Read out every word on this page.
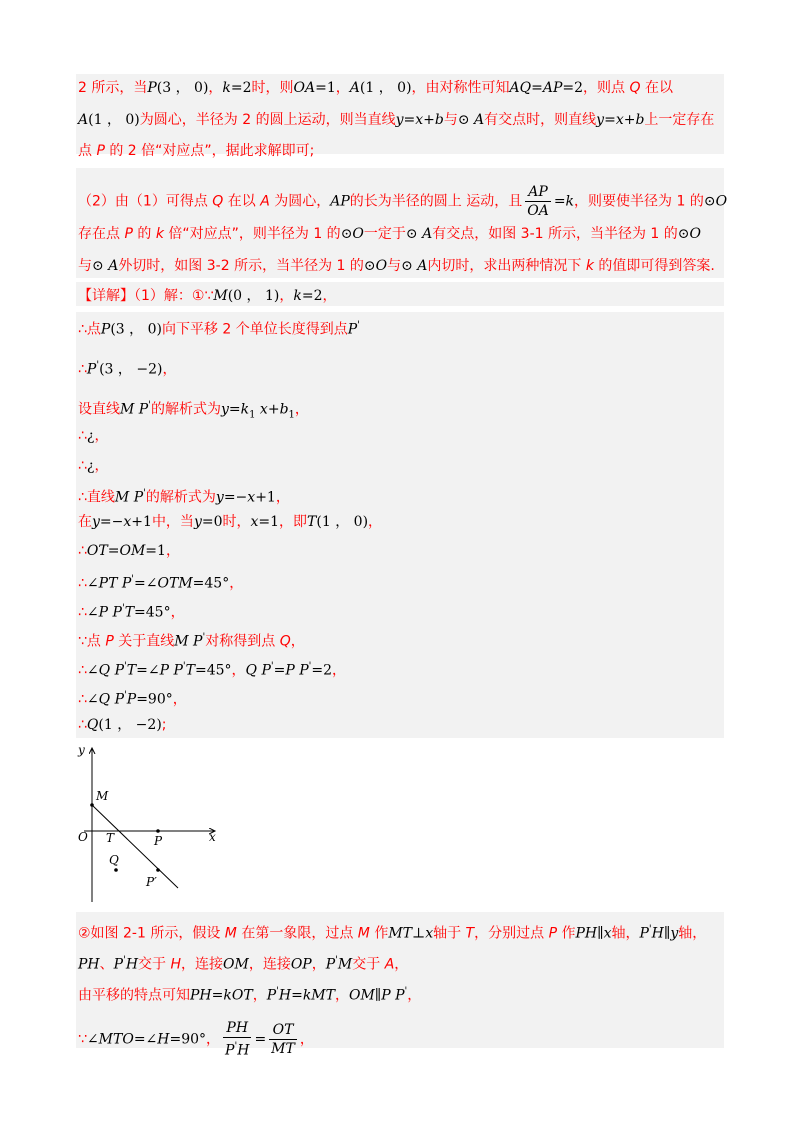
2 所示，当P(3 ， 0)，k=2时，则OA=1，A(1 ， 0)，由对称性可知AQ=AP=2，则点 Q 在以
A(1 ， 0)为圆心，半径为 2 的圆上运动，则当直线y=x+b与⊙ A有交点时，则直线y=x+b上一定存在
点 P 的 2 倍“对应点”，据此求解即可;
（2）由（1）可得点 Q 在以 A 为圆心，AP的长为半径的圆上 运动，且 $\frac{AP}{OA} =k$，则要使半径为 1 的⊙O
存在点 P 的 k 倍“对应点”，则半径为 1 的⊙O一定于⊙ A有交点，如图 3-1 所示，当半径为 1 的⊙O
与⊙ A外切时，如图 3-2 所示，当半径为 1 的⊙O与⊙ A内切时，求出两种情况下 k 的值即可得到答案.
【详解】（1）解：①∵M(0 ， 1)，k=2，
∴点P(3 ， 0)向下平移 2 个单位长度得到点P'
∴P'(3 ， −2)，
设直线M P'的解析式为$y=k_1$ $x+b_1$，
∴¿，
∴¿，
∴直线M P'的解析式为y=−x+1，
在y=−x+1中，当y=0时，x=1，即T(1 ， 0)，
∴OT=OM=1，
∴∠PT P'=∠OTM=45°，
∴∠P P'T=45°，
∵点 P 关于直线M P'对称得到点 Q，
∴∠Q P'T=∠P P'T=45°，Q P'=P P'=2，
∴∠Q P'P=90°，
∴Q(1 ， −2);
②如图 2-1 所示，假设 M 在第一象限，过点 M 作MT⊥x轴于 T，分别过点 P 作PH∥x轴，P'H∥y轴，
PH、P'H交于 H，连接OM，连接OP，P'M交于 A，
由平移的特点可知PH=kOT，P'H=kMT，OM∥P P'，
∵∠MTO=∠H=90°， $\frac{PH}{P'H} = \frac{OT}{MT}$ ，
y
x
O
M
T	P
Q
P′
